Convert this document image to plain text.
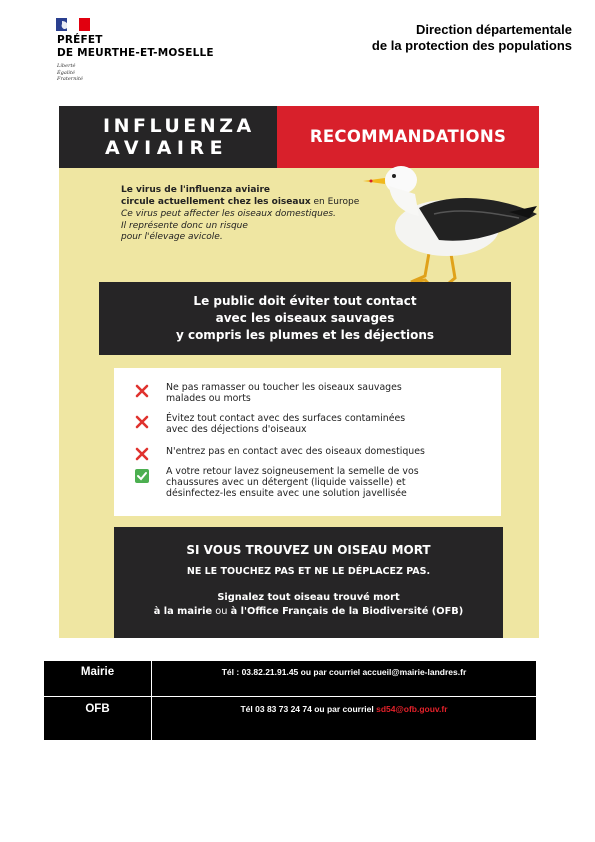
PRÉFET
DE MEURTHE-ET-MOSELLE
Liberté
Égalité
Fraternité
Direction départementale
de la protection des populations
INFLUENZA
AVIAIRE
RECOMMANDATIONS
Le virus de l'influenza aviaire
circule actuellement chez les oiseaux en Europe
Ce virus peut affecter les oiseaux domestiques.
Il représente donc un risque
pour l'élevage avicole.
Le public doit éviter tout contact
avec les oiseaux sauvages
y compris les plumes et les déjections
Ne pas ramasser ou toucher les oiseaux sauvages
malades ou morts
Évitez tout contact avec des surfaces contaminées
avec des déjections d'oiseaux
N'entrez pas en contact avec des oiseaux domestiques
A votre retour lavez soigneusement la semelle de vos
chaussures avec un détergent (liquide vaisselle) et
désinfectez-les ensuite avec une solution javellisée
SI VOUS TROUVEZ UN OISEAU MORT
NE LE TOUCHEZ PAS ET NE LE DÉPLACEZ PAS.
Signalez tout oiseau trouvé mort
à la mairie ou à l'Office Français de la Biodiversité (OFB)
Mairie	Tél : 03.82.21.91.45 ou par courriel accueil@mairie-landres.fr
OFB	Tél 03 83 73 24 74 ou par courriel sd54@ofb.gouv.fr
